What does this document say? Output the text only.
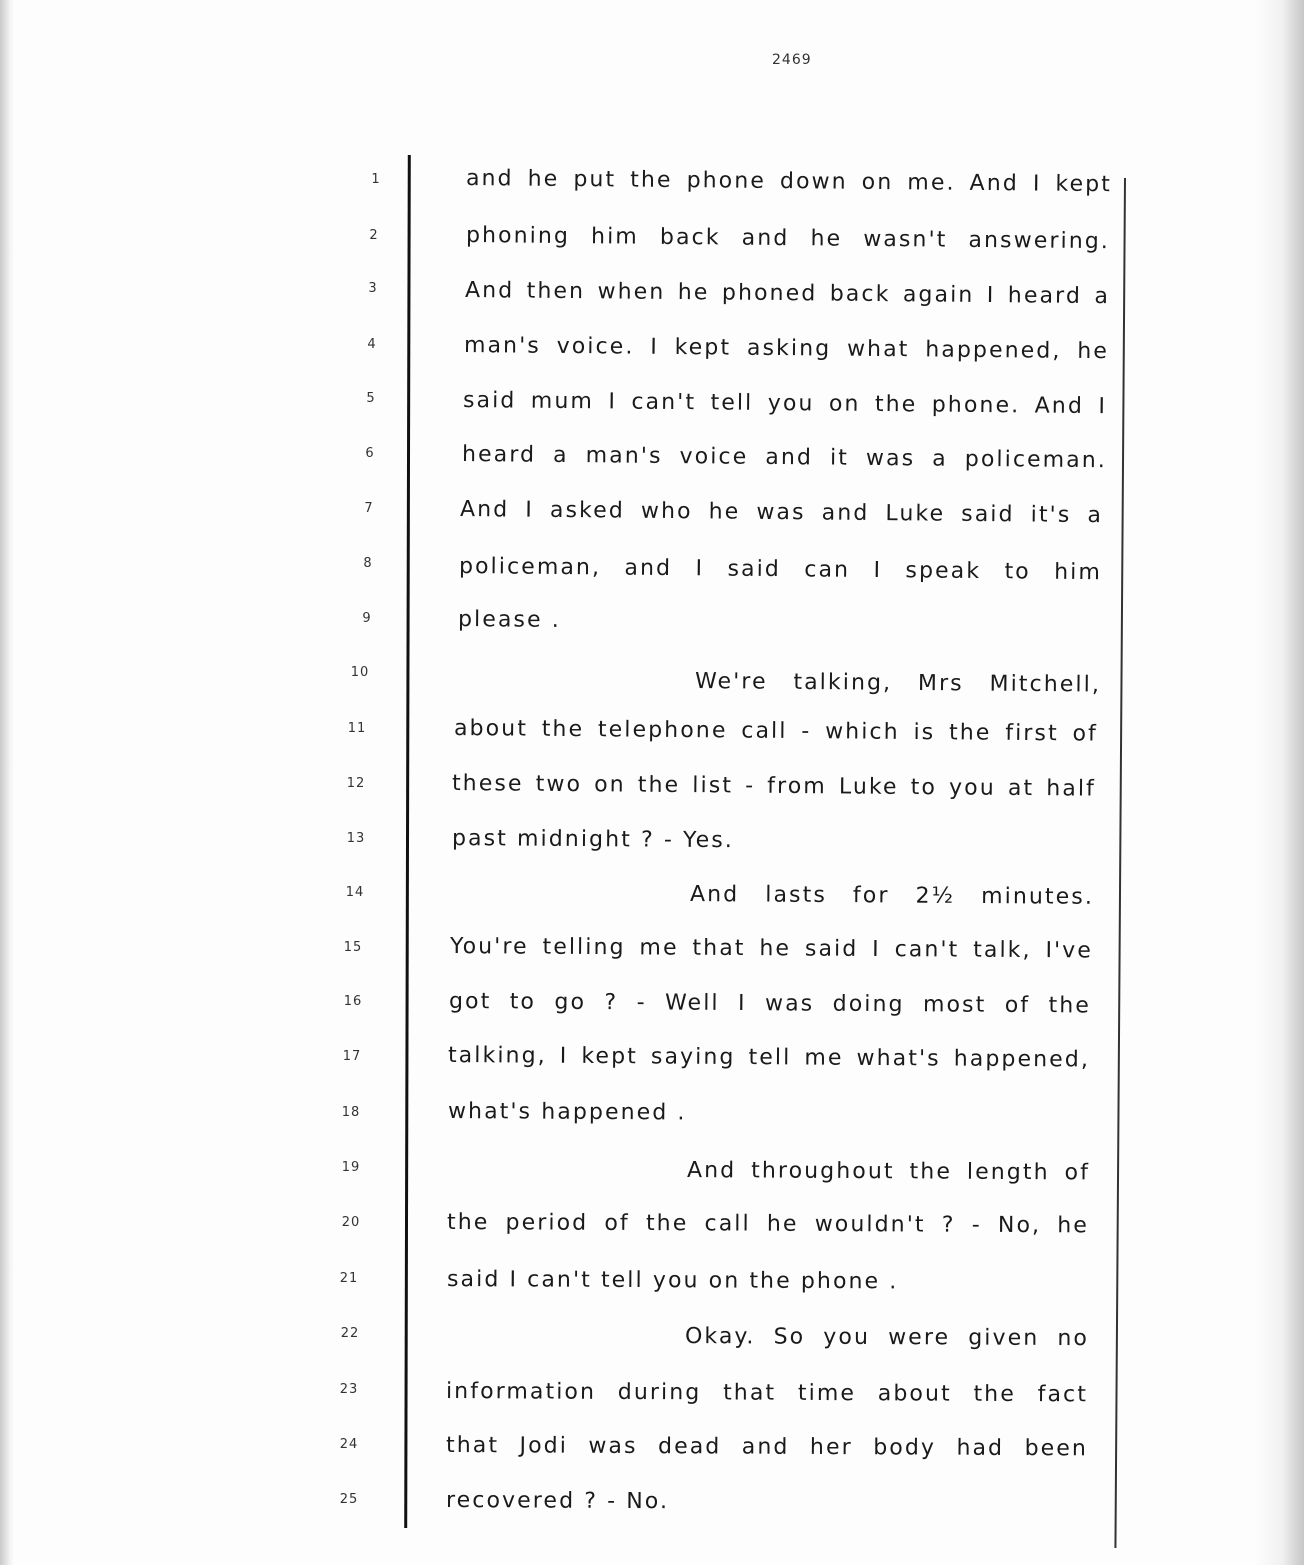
2469
1
2
3
4
5
6
7
8
9
10
11
12
13
14
15
16
17
18
19
20
21
22
23
24
25
and he put the phone down on me. And I kept
phoning him back and he wasn't answering.
And then when he phoned back again I heard a
man's voice. I kept asking what happened, he
said mum I can't tell you on the phone. And I
heard a man's voice and it was a policeman.
And I asked who he was and Luke said it's a
policeman, and I said can I speak to him
please .
We're talking, Mrs Mitchell,
about the telephone call - which is the first of
these two on the list - from Luke to you at half
past midnight ? - Yes.
And lasts for 2½ minutes.
You're telling me that he said I can't talk, I've
got to go ? - Well I was doing most of the
talking, I kept saying tell me what's happened,
what's happened .
And throughout the length of
the period of the call he wouldn't ? - No, he
said I can't tell you on the phone .
Okay. So you were given no
information during that time about the fact
that Jodi was dead and her body had been
recovered ? - No.
